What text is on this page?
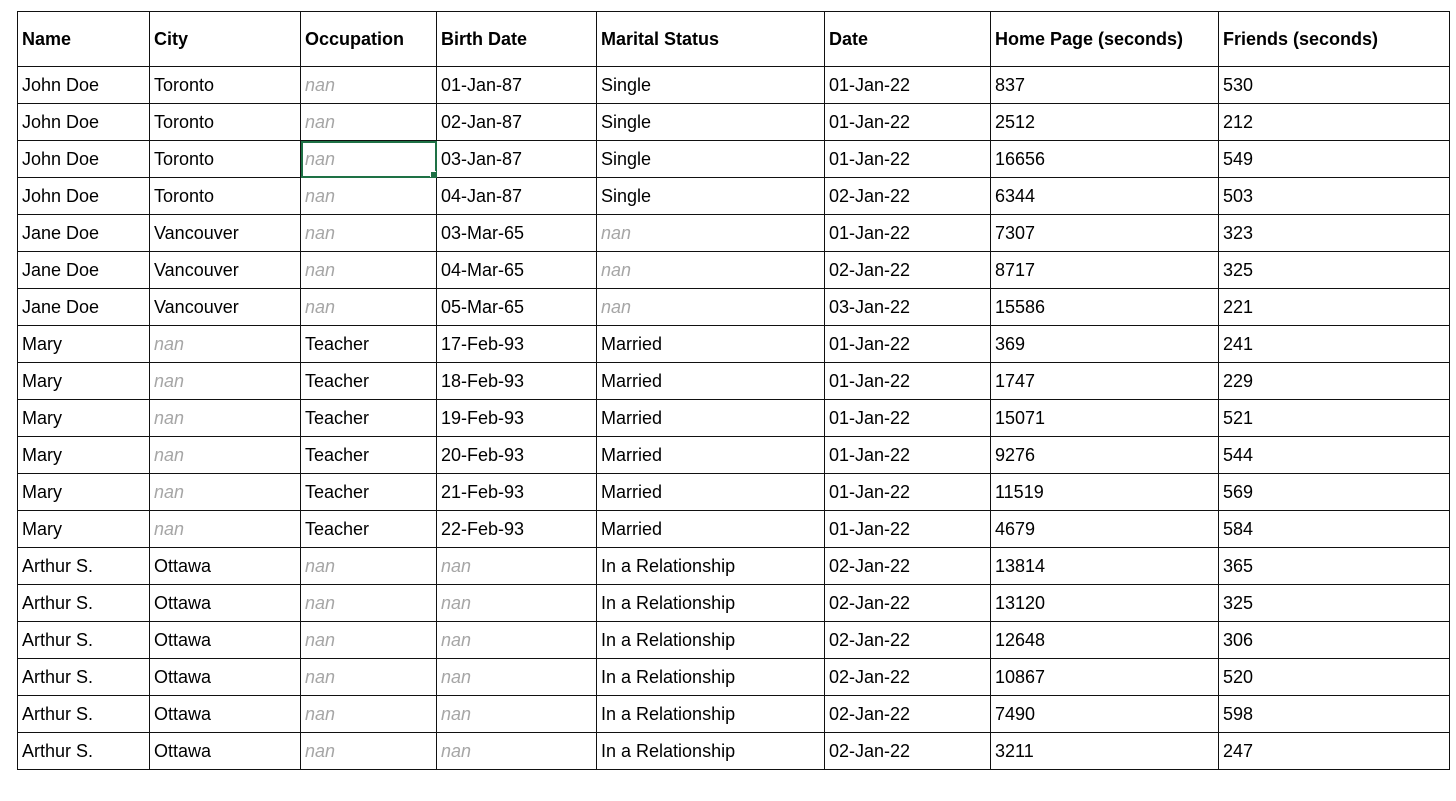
Name	City	Occupation	Birth Date	Marital Status	Date	Home Page (seconds)	Friends (seconds)
John Doe	Toronto	nan	01-Jan-87	Single	01-Jan-22	837	530
John Doe	Toronto	nan	02-Jan-87	Single	01-Jan-22	2512	212
John Doe	Toronto	nan	03-Jan-87	Single	01-Jan-22	16656	549
John Doe	Toronto	nan	04-Jan-87	Single	02-Jan-22	6344	503
Jane Doe	Vancouver	nan	03-Mar-65	nan	01-Jan-22	7307	323
Jane Doe	Vancouver	nan	04-Mar-65	nan	02-Jan-22	8717	325
Jane Doe	Vancouver	nan	05-Mar-65	nan	03-Jan-22	15586	221
Mary	nan	Teacher	17-Feb-93	Married	01-Jan-22	369	241
Mary	nan	Teacher	18-Feb-93	Married	01-Jan-22	1747	229
Mary	nan	Teacher	19-Feb-93	Married	01-Jan-22	15071	521
Mary	nan	Teacher	20-Feb-93	Married	01-Jan-22	9276	544
Mary	nan	Teacher	21-Feb-93	Married	01-Jan-22	11519	569
Mary	nan	Teacher	22-Feb-93	Married	01-Jan-22	4679	584
Arthur S.	Ottawa	nan	nan	In a Relationship	02-Jan-22	13814	365
Arthur S.	Ottawa	nan	nan	In a Relationship	02-Jan-22	13120	325
Arthur S.	Ottawa	nan	nan	In a Relationship	02-Jan-22	12648	306
Arthur S.	Ottawa	nan	nan	In a Relationship	02-Jan-22	10867	520
Arthur S.	Ottawa	nan	nan	In a Relationship	02-Jan-22	7490	598
Arthur S.	Ottawa	nan	nan	In a Relationship	02-Jan-22	3211	247
